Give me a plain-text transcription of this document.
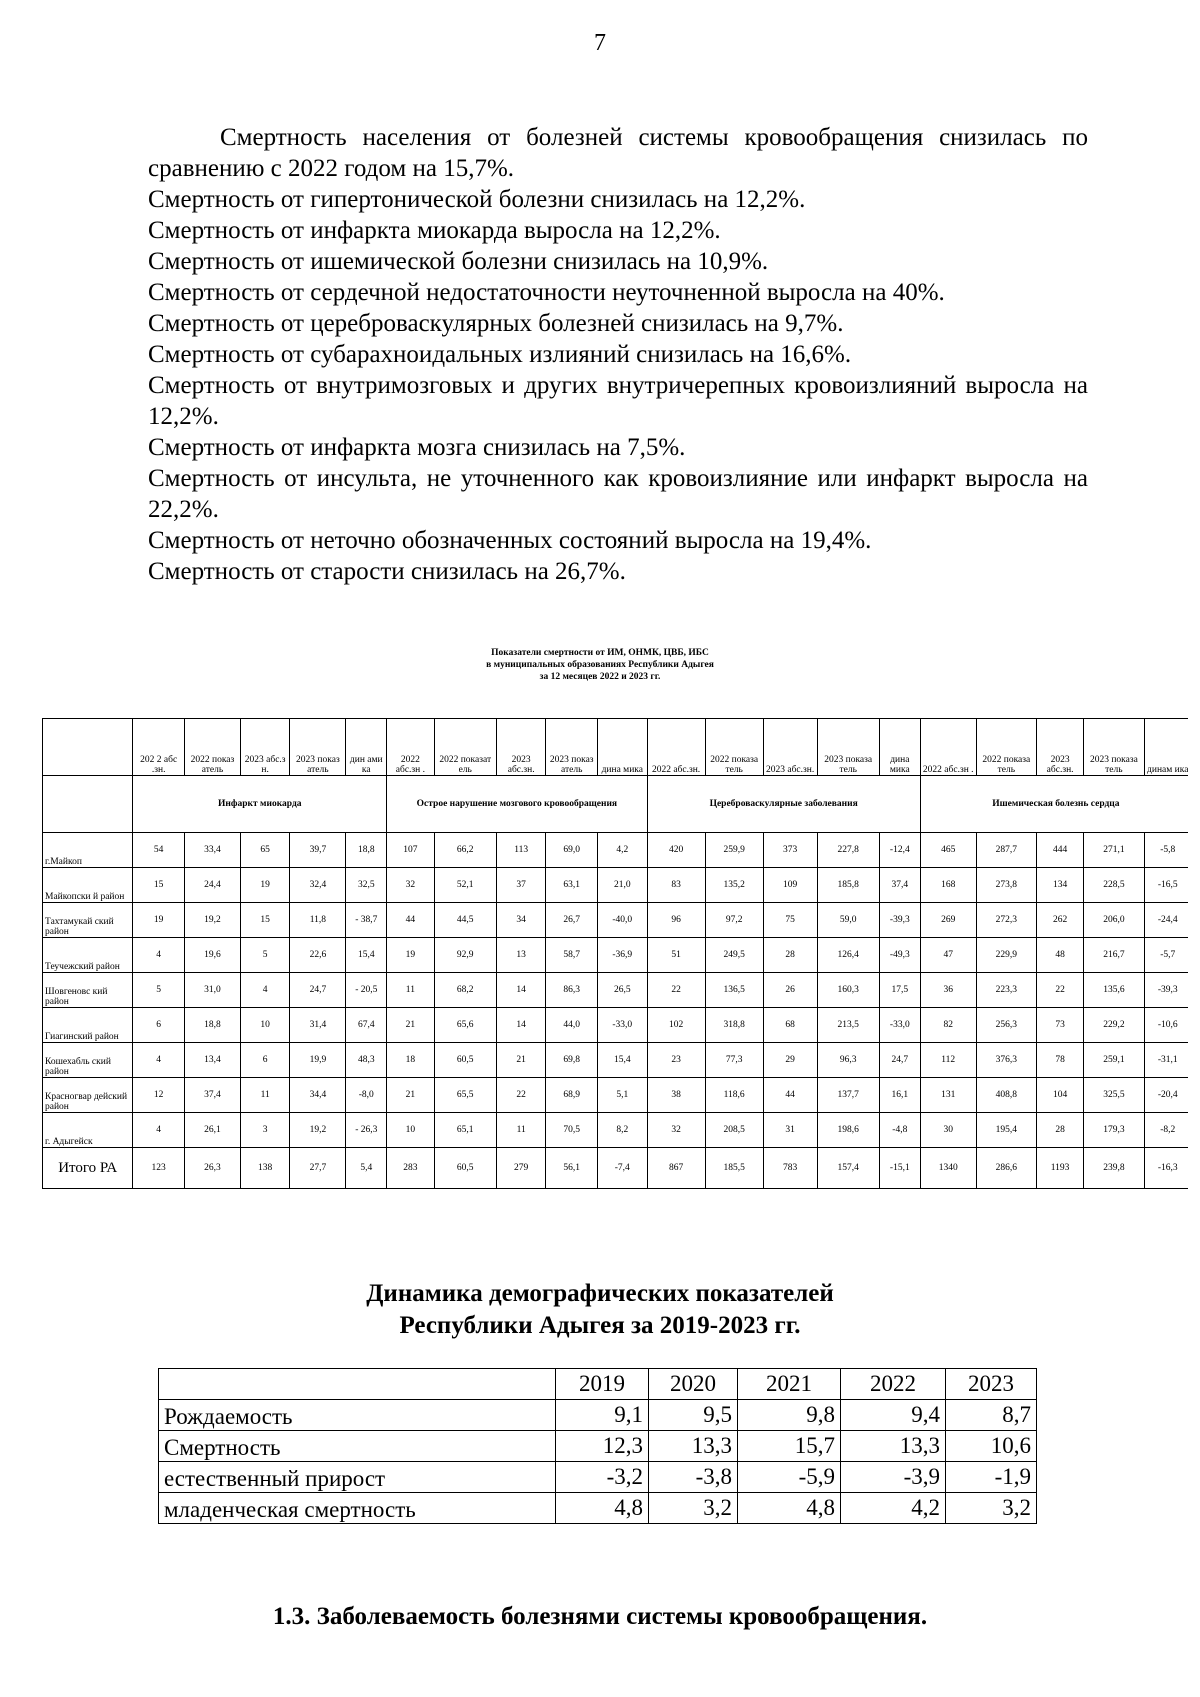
7

Смертность населения от болезней системы кровообращения снизилась по сравнению с 2022 годом на 15,7%.

Смертность от гипертонической болезни снизилась на 12,2%.

Смертность от инфаркта миокарда выросла на 12,2%.

Смертность от ишемической болезни снизилась на 10,9%.

Смертность от сердечной недостаточности неуточненной выросла на 40%.

Смертность от цереброваскулярных болезней снизилась на 9,7%.

Смертность от субарахноидальных излияний снизилась на 16,6%.

Смертность от внутримозговых и других внутричерепных кровоизлияний выросла на 12,2%.

Смертность от инфаркта мозга снизилась на 7,5%.

Смертность от инсульта, не уточненного как кровоизлияние или инфаркт выросла на 22,2%.

Смертность от неточно обозначенных состояний выросла на 19,4%.

Смертность от старости снизилась на 26,7%.

Показатели смертности от ИМ, ОНМК, ЦВБ, ИБС
в муниципальных образованиях Республики Адыгея
за 12 месяцев 2022 и 2023 гг.
	202 2 абс .зн.	2022 показ атель	2023 абс.з н.	2023 показ атель	дин ами ка	2022 абс.зн .	2022 показат ель	2023 абс.зн.	2023 показ атель	дина мика	2022 абс.зн.	2022 показа тель	2023 абс.зн.	2023 показа тель	дина мика	2022 абс.зн .	2022 показа тель	2023 абс.зн.	2023 показа тель	динам ика
	Инфаркт миокарда					Острое нарушение мозгового кровообращения					Цереброваскулярные заболевания					Ишемическая болезнь сердца				
г.Майкоп	54	33,4	65	39,7	18,8	107	66,2	113	69,0	4,2	420	259,9	373	227,8	-12,4	465	287,7	444	271,1	-5,8
Майкопски й район	15	24,4	19	32,4	32,5	32	52,1	37	63,1	21,0	83	135,2	109	185,8	37,4	168	273,8	134	228,5	-16,5
Тахтамукай ский район	19	19,2	15	11,8	- 38,7	44	44,5	34	26,7	-40,0	96	97,2	75	59,0	-39,3	269	272,3	262	206,0	-24,4
Теучежский район	4	19,6	5	22,6	15,4	19	92,9	13	58,7	-36,9	51	249,5	28	126,4	-49,3	47	229,9	48	216,7	-5,7
Шовгеновс кий район	5	31,0	4	24,7	- 20,5	11	68,2	14	86,3	26,5	22	136,5	26	160,3	17,5	36	223,3	22	135,6	-39,3
Гиагинский район	6	18,8	10	31,4	67,4	21	65,6	14	44,0	-33,0	102	318,8	68	213,5	-33,0	82	256,3	73	229,2	-10,6
Кошехабль ский район	4	13,4	6	19,9	48,3	18	60,5	21	69,8	15,4	23	77,3	29	96,3	24,7	112	376,3	78	259,1	-31,1
Красногвар дейский район	12	37,4	11	34,4	-8,0	21	65,5	22	68,9	5,1	38	118,6	44	137,7	16,1	131	408,8	104	325,5	-20,4
г. Адыгейск	4	26,1	3	19,2	- 26,3	10	65,1	11	70,5	8,2	32	208,5	31	198,6	-4,8	30	195,4	28	179,3	-8,2
Итого РА	123	26,3	138	27,7	5,4	283	60,5	279	56,1	-7,4	867	185,5	783	157,4	-15,1	1340	286,6	1193	239,8	-16,3
Динамика демографических показателей
Республики Адыгея за 2019-2023 гг.
	2019	2020	2021	2022	2023
Рождаемость	9,1	9,5	9,8	9,4	8,7
Смертность	12,3	13,3	15,7	13,3	10,6
естественный прирост	-3,2	-3,8	-5,9	-3,9	-1,9
младенческая смертность	4,8	3,2	4,8	4,2	3,2
1.3. Заболеваемость болезнями системы кровообращения.
